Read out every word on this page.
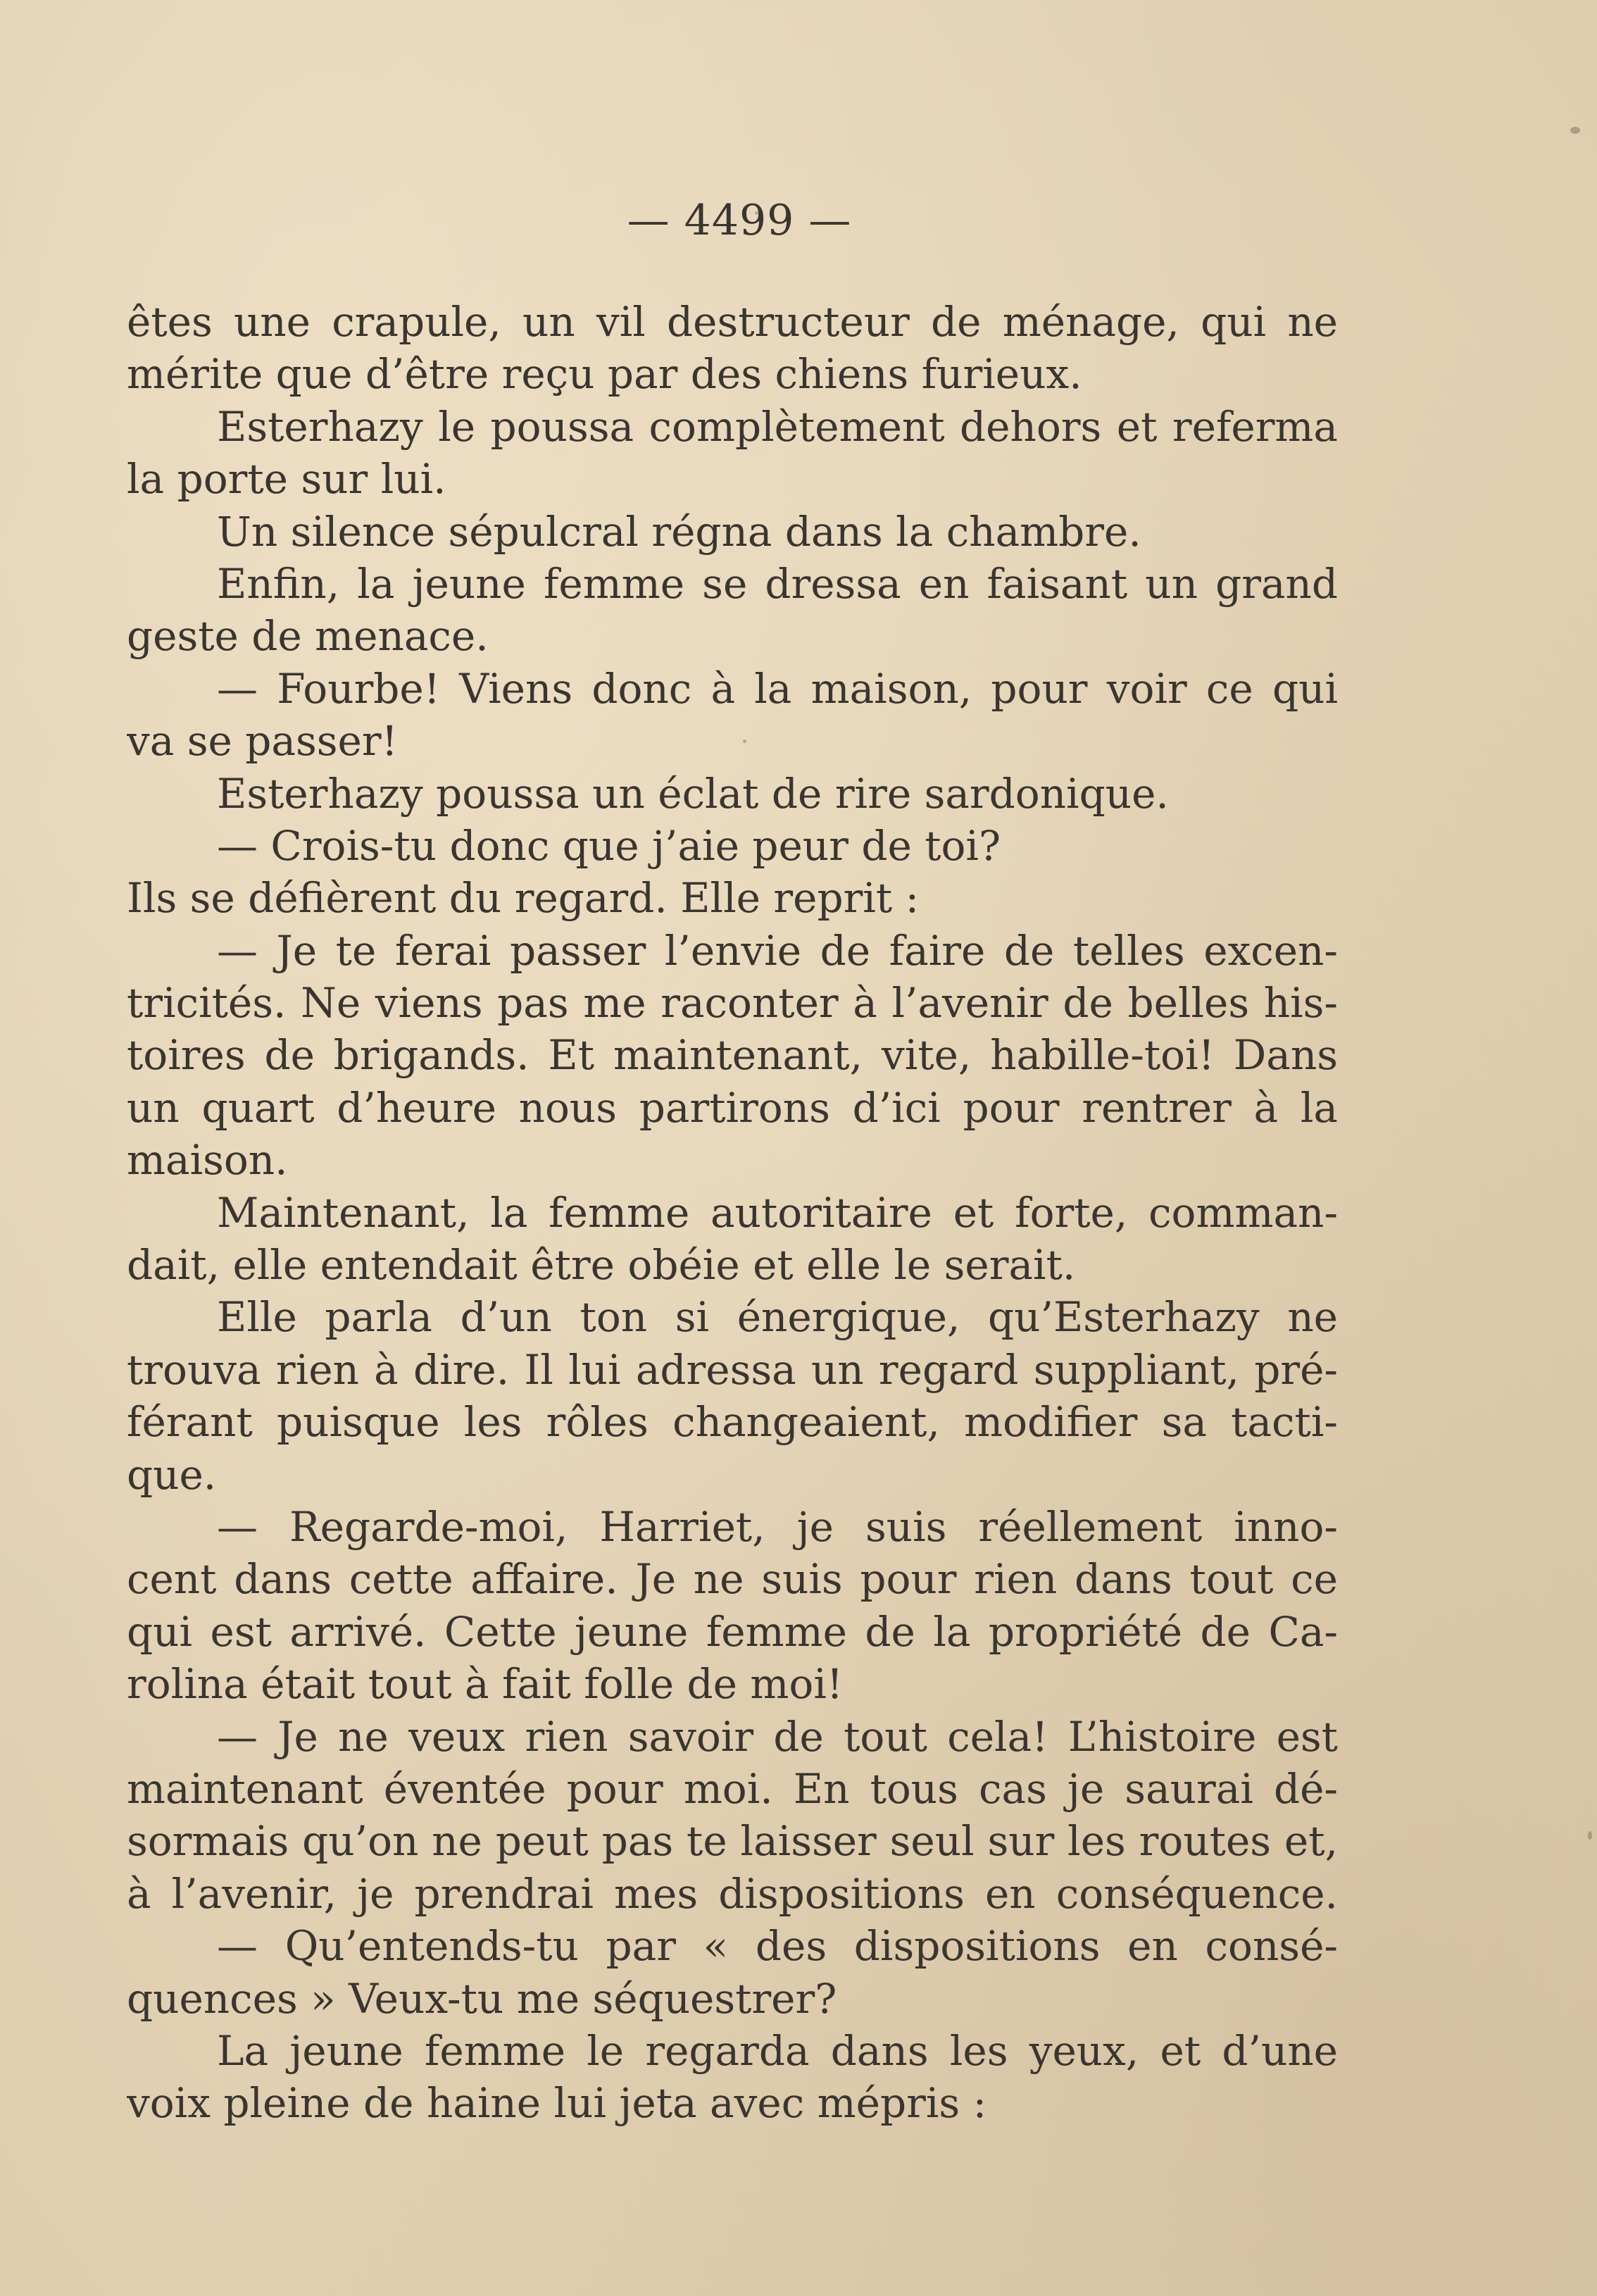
— 4499 —
êtes une crapule, un vil destructeur de ménage, qui ne
mérite que d’être reçu par des chiens furieux.
Esterhazy le poussa complètement dehors et referma
la porte sur lui.
Un silence sépulcral régna dans la chambre.
Enfin, la jeune femme se dressa en faisant un grand
geste de menace.
— Fourbe! Viens donc à la maison, pour voir ce qui
va se passer!
Esterhazy poussa un éclat de rire sardonique.
— Crois-tu donc que j’aie peur de toi?
Ils se défièrent du regard. Elle reprit :
— Je te ferai passer l’envie de faire de telles excen-
tricités. Ne viens pas me raconter à l’avenir de belles his-
toires de brigands. Et maintenant, vite, habille-toi! Dans
un quart d’heure nous partirons d’ici pour rentrer à la
maison.
Maintenant, la femme autoritaire et forte, comman-
dait, elle entendait être obéie et elle le serait.
Elle parla d’un ton si énergique, qu’Esterhazy ne
trouva rien à dire. Il lui adressa un regard suppliant, pré-
férant puisque les rôles changeaient, modifier sa tacti-
que.
— Regarde-moi, Harriet, je suis réellement inno-
cent dans cette affaire. Je ne suis pour rien dans tout ce
qui est arrivé. Cette jeune femme de la propriété de Ca-
rolina était tout à fait folle de moi!
— Je ne veux rien savoir de tout cela! L’histoire est
maintenant éventée pour moi. En tous cas je saurai dé-
sormais qu’on ne peut pas te laisser seul sur les routes et,
à l’avenir, je prendrai mes dispositions en conséquence.
— Qu’entends-tu par « des dispositions en consé-
quences » Veux-tu me séquestrer?
La jeune femme le regarda dans les yeux, et d’une
voix pleine de haine lui jeta avec mépris :
